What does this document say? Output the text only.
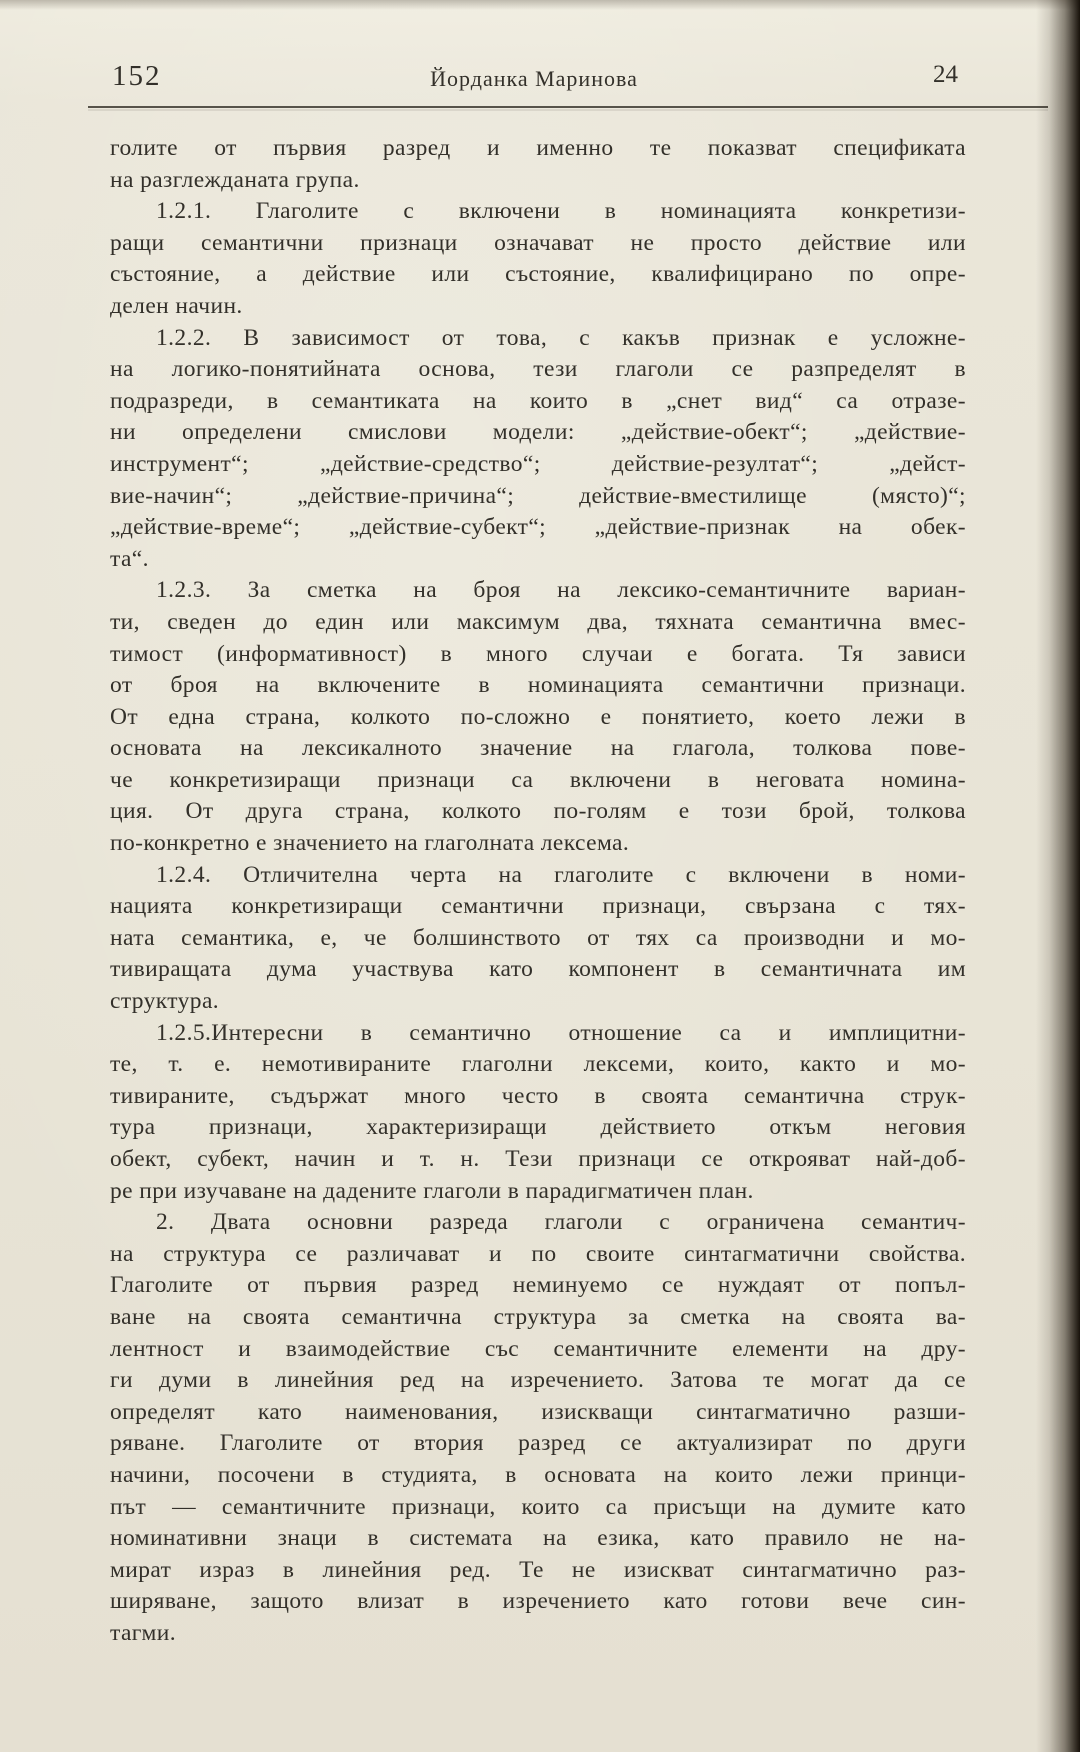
152	Йорданка Маринова	24

голите от първия разред и именно те показват спецификата
на разглежданата група.

1.2.1. Глаголите с включени в номинацията конкретизи-
ращи семантични признаци означават не просто действие или
състояние, а действие или състояние, квалифицирано по опре-
делен начин.

1.2.2. В зависимост от това, с какъв признак е усложне-
на логико-понятийната основа, тези глаголи се разпределят в
подразреди, в семантиката на които в „снет вид“ са отразе-
ни определени смислови модели: „действие-обект“; „действие-
инструмент“; „действие-средство“; действие-резултат“; „дейст-
вие-начин“; „действие-причина“; действие-вместилище (място)“;
„действие-време“; „действие-субект“; „действие-признак на обек-
та“.

1.2.3. За сметка на броя на лексико-семантичните вариан-
ти, сведен до един или максимум два, тяхната семантична вмес-
тимост (информативност) в много случаи е богата. Тя зависи
от броя на включените в номинацията семантични признаци.
От една страна, колкото по-сложно е понятието, което лежи в
основата на лексикалното значение на глагола, толкова пове-
че конкретизиращи признаци са включени в неговата номина-
ция. От друга страна, колкото по-голям е този брой, толкова
по-конкретно е значението на глаголната лексема.

1.2.4. Отличителна черта на глаголите с включени в номи-
нацията конкретизиращи семантични признаци, свързана с тях-
ната семантика, е, че болшинството от тях са производни и мо-
тивиращата дума участвува като компонент в семантичната им
структура.

1.2.5.Интересни в семантично отношение са и имплицитни-
те, т. е. немотивираните глаголни лексеми, които, както и мо-
тивираните, съдържат много често в своята семантична струк-
тура признаци, характеризиращи действието откъм неговия
обект, субект, начин и т. н. Тези признаци се открояват най-доб-
ре при изучаване на дадените глаголи в парадигматичен план.

2. Двата основни разреда глаголи с ограничена семантич-
на структура се различават и по своите синтагматични свойства.
Глаголите от първия разред неминуемо се нуждаят от попъл-
ване на своята семантична структура за сметка на своята ва-
лентност и взаимодействие със семантичните елементи на дру-
ги думи в линейния ред на изречението. Затова те могат да се
определят като наименования, изискващи синтагматично разши-
ряване. Глаголите от втория разред се актуализират по други
начини, посочени в студията, в основата на които лежи принци-
път — семантичните признаци, които са присъщи на думите като
номинативни знаци в системата на езика, като правило не на-
мират израз в линейния ред. Те не изискват синтагматично раз-
ширяване, защото влизат в изречението като готови вече син-
тагми.
